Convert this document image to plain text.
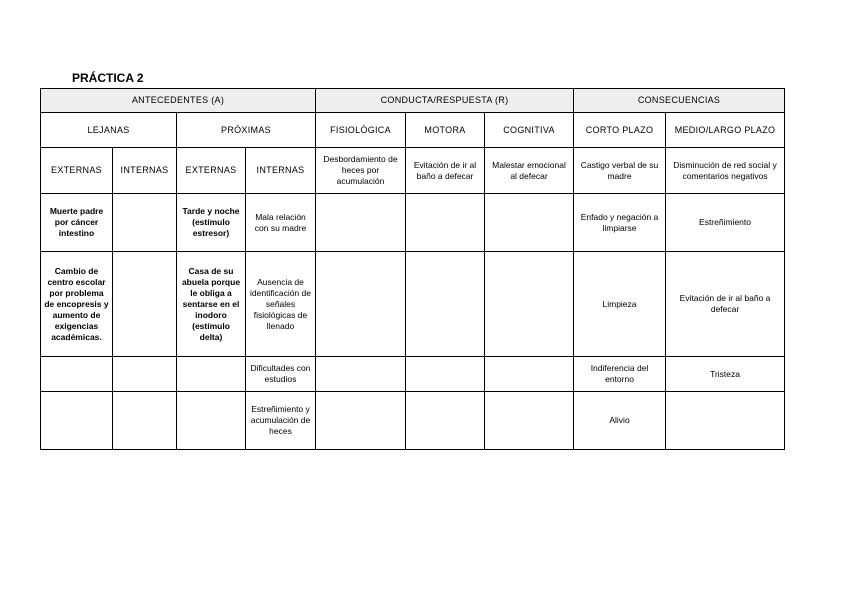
PRÁCTICA 2
ANTECEDENTES (A)				CONDUCTA/RESPUESTA (R)			CONSECUENCIAS	
LEJANAS		PRÓXIMAS		FISIOLÓGICA	MOTORA	COGNITIVA	CORTO PLAZO	MEDIO/LARGO PLAZO
EXTERNAS	INTERNAS	EXTERNAS	INTERNAS	Desbordamiento de heces por acumulación	Evitación de ir al baño a defecar	Malestar emocional al defecar	Castigo verbal de su madre	Disminución de red social y comentarios negativos
Muerte padre por cáncer intestino		Tarde y noche (estímulo estresor)	Mala relación con su madre				Enfado y negación a limpiarse	Estreñimiento
Cambio de centro escolar por problema de encopresis y aumento de exigencias académicas.		Casa de su abuela porque le obliga a sentarse en el inodoro (estímulo delta)	Ausencia de identificación de señales fisiológicas de llenado				Limpieza	Evitación de ir al baño a defecar
			Dificultades con estudios				Indiferencia del entorno	Tristeza
			Estreñimiento y acumulación de heces				Alivio	
